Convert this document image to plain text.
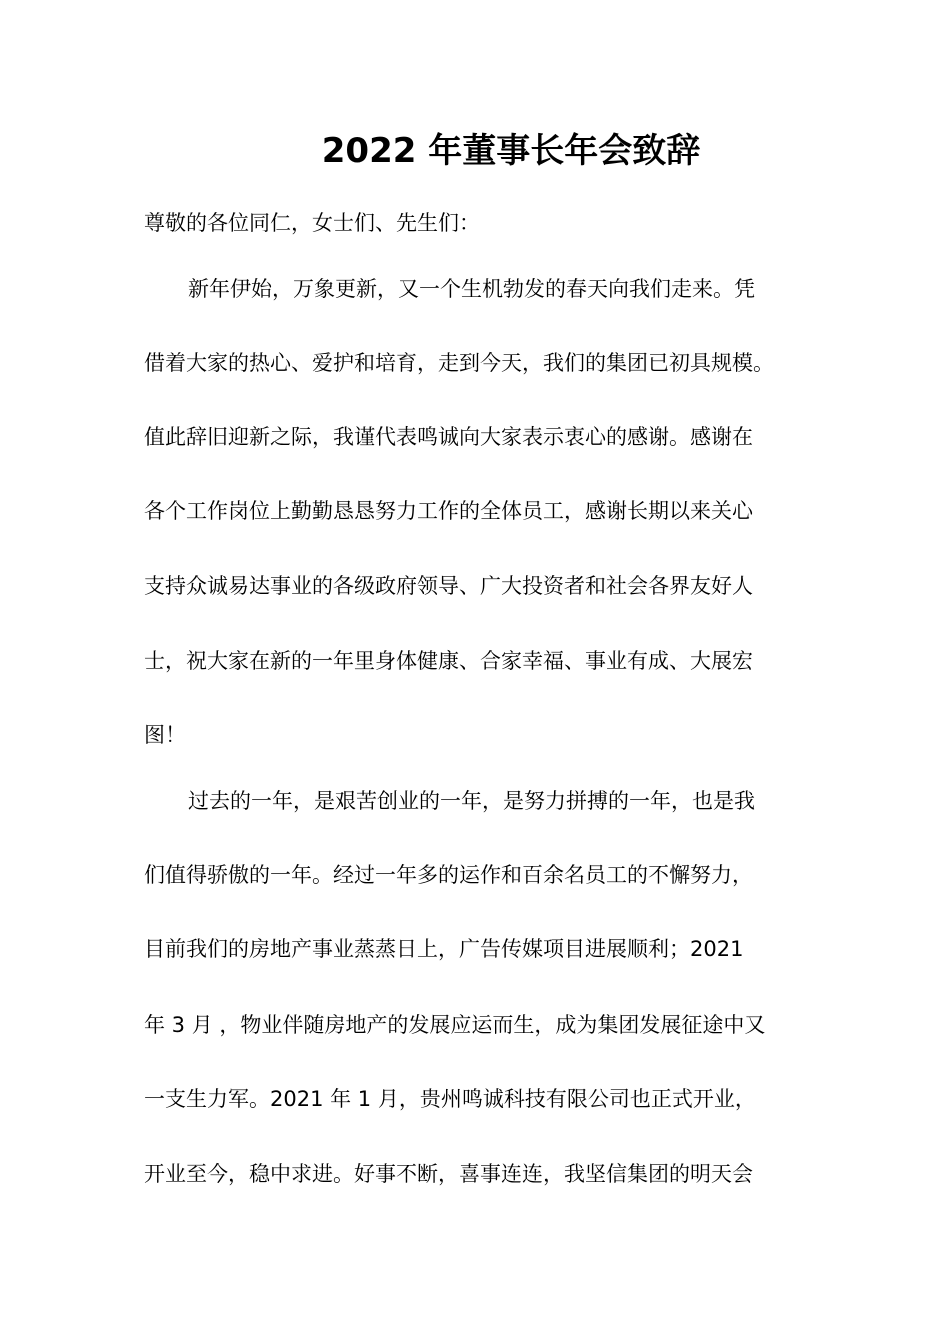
2022 年董事长年会致辞
尊敬的各位同仁，女士们、先生们：
新年伊始，万象更新，又一个生机勃发的春天向我们走来。凭
借着大家的热心、爱护和培育，走到今天，我们的集团已初具规模。
值此辞旧迎新之际，我谨代表鸣诚向大家表示衷心的感谢。感谢在
各个工作岗位上勤勤恳恳努力工作的全体员工，感谢长期以来关心
支持众诚易达事业的各级政府领导、广大投资者和社会各界友好人
士，祝大家在新的一年里身体健康、合家幸福、事业有成、大展宏
图！
过去的一年，是艰苦创业的一年，是努力拼搏的一年，也是我
们值得骄傲的一年。经过一年多的运作和百余名员工的不懈努力，
目前我们的房地产事业蒸蒸日上，广告传媒项目进展顺利；2021
年 3 月 ，物业伴随房地产的发展应运而生，成为集团发展征途中又
一支生力军。2021 年 1 月，贵州鸣诚科技有限公司也正式开业，
开业至今，稳中求进。好事不断，喜事连连，我坚信集团的明天会
